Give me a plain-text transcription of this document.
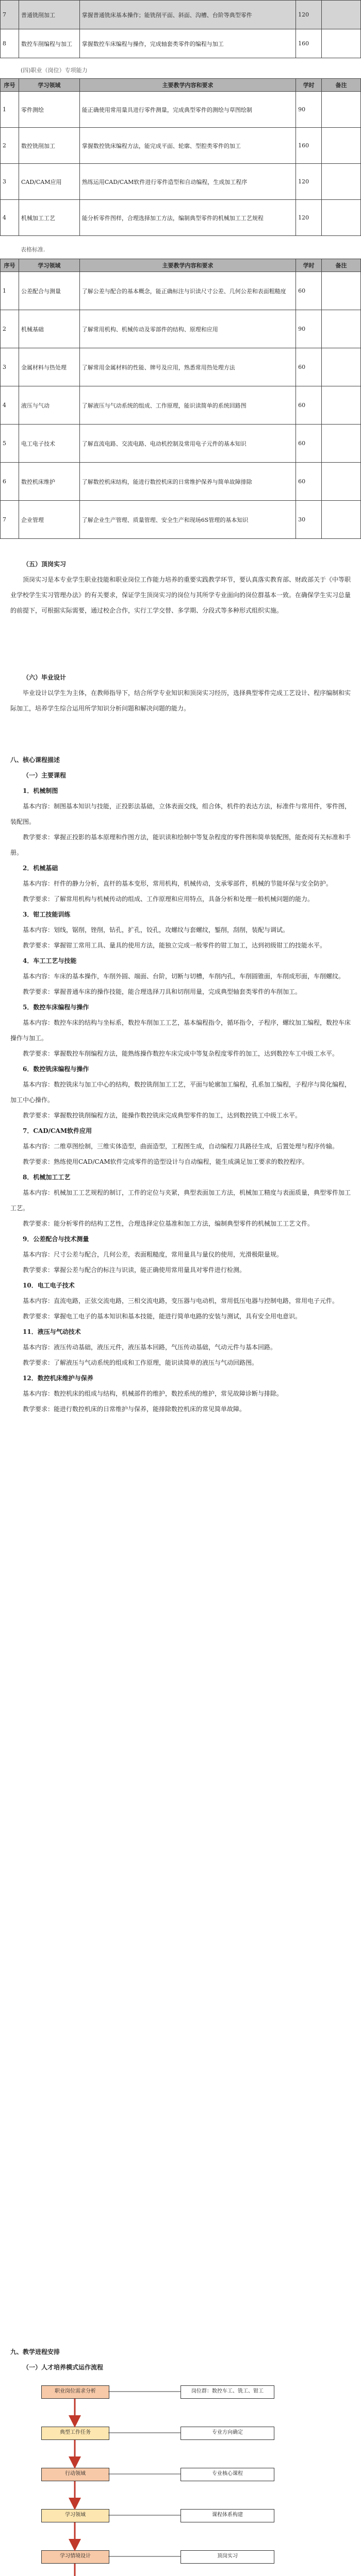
7	普通铣削加工	掌握普通铣床基本操作；能铣削平面、斜面、沟槽、台阶等典型零件	120	
8	数控车削编程与加工	掌握数控车床编程与操作，完成轴套类零件的编程与加工	160	
(四)职业（岗位）专项能力
序号	学习领域	主要教学内容和要求	学时	备注
1	零件测绘	能正确使用常用量具进行零件测量，完成典型零件的测绘与草图绘制	90	
2	数控铣削加工	掌握数控铣床编程方法，能完成平面、轮廓、型腔类零件的加工	160	
3	CAD/CAM应用	熟练运用CAD/CAM软件进行零件造型和自动编程，生成加工程序	120	
4	机械加工工艺	能分析零件图样，合理选择加工方法，编制典型零件的机械加工工艺规程	120	
表格标准.
序号	学习领域	主要教学内容和要求	学时	备注
1	公差配合与测量	了解公差与配合的基本概念，能正确标注与识读尺寸公差、几何公差和表面粗糙度	60	
2	机械基础	了解常用机构、机械传动及零部件的结构、原理和应用	90	
3	金属材料与热处理	了解常用金属材料的性能、牌号及应用，熟悉常用热处理方法	60	
4	液压与气动	了解液压与气动系统的组成、工作原理，能识读简单的系统回路图	60	
5	电工电子技术	了解直流电路、交流电路、电动机控制及常用电子元件的基本知识	60	
6	数控机床维护	了解数控机床结构，能进行数控机床的日常维护保养与简单故障排除	60	
7	企业管理	了解企业生产管理、质量管理、安全生产和现场6S管理的基本知识	30	
（五）顶岗实习

顶岗实习是本专业学生职业技能和职业岗位工作能力培养的重要实践教学环节，要认真落实教育部、财政部关于《中等职业学校学生实习管理办法》的有关要求，保证学生顶岗实习的岗位与其所学专业面向的岗位群基本一致。在确保学生实习总量的前提下，可根据实际需要，通过校企合作，实行工学交替、多学期、分段式等多种形式组织实施。

（六）毕业设计

毕业设计以学生为主体，在教师指导下，结合所学专业知识和顶岗实习经历，选择典型零件完成工艺设计、程序编制和实际加工，培养学生综合运用所学知识分析问题和解决问题的能力。

八、核心课程描述
（一）主要课程
1．机械制图

基本内容：制图基本知识与技能，正投影法基础，立体表面交线，组合体，机件的表达方法，标准件与常用件，零件图，装配图。

教学要求：掌握正投影的基本原理和作图方法，能识读和绘制中等复杂程度的零件图和简单装配图，能查阅有关标准和手册。

2．机械基础

基本内容：杆件的静力分析，直杆的基本变形，常用机构，机械传动，支承零部件，机械的节能环保与安全防护。

教学要求：了解常用机构与机械传动的组成、工作原理和应用特点，具备分析和处理一般机械问题的能力。

3．钳工技能训练

基本内容：划线，锯削，锉削，钻孔，扩孔，铰孔，攻螺纹与套螺纹，錾削，刮削，装配与调试。

教学要求：掌握钳工常用工具、量具的使用方法，能独立完成一般零件的钳工加工，达到初级钳工的技能水平。

4．车工工艺与技能

基本内容：车床的基本操作，车削外圆、端面、台阶，切断与切槽，车削内孔，车削圆锥面，车削成形面，车削螺纹。

教学要求：掌握普通车床的操作技能，能合理选择刀具和切削用量，完成典型轴套类零件的车削加工。

5．数控车床编程与操作

基本内容：数控车床的结构与坐标系，数控车削加工工艺，基本编程指令，循环指令，子程序，螺纹加工编程，数控车床操作与加工。

教学要求：掌握数控车削编程方法，能熟练操作数控车床完成中等复杂程度零件的加工，达到数控车工中级工水平。

6．数控铣床编程与操作

基本内容：数控铣床与加工中心的结构，数控铣削加工工艺，平面与轮廓加工编程，孔系加工编程，子程序与简化编程，加工中心操作。

教学要求：掌握数控铣削编程方法，能操作数控铣床完成典型零件的加工，达到数控铣工中级工水平。

7．CAD/CAM软件应用

基本内容：二维草图绘制，三维实体造型，曲面造型，工程图生成，自动编程刀具路径生成，后置处理与程序传输。

教学要求：熟练使用CAD/CAM软件完成零件的造型设计与自动编程，能生成满足加工要求的数控程序。

8．机械加工工艺

基本内容：机械加工工艺规程的制订，工件的定位与夹紧，典型表面加工方法，机械加工精度与表面质量，典型零件加工工艺。

教学要求：能分析零件的结构工艺性，合理选择定位基准和加工方法，编制典型零件的机械加工工艺文件。

9．公差配合与技术测量

基本内容：尺寸公差与配合，几何公差，表面粗糙度，常用量具与量仪的使用，光滑极限量规。

教学要求：掌握公差与配合的标注与识读，能正确使用常用量具对零件进行检测。

10．电工电子技术

基本内容：直流电路，正弦交流电路，三相交流电路，变压器与电动机，常用低压电器与控制电路，常用电子元件。

教学要求：掌握电工电子的基本知识和基本技能，能进行简单电路的安装与测试，具有安全用电意识。

11．液压与气动技术

基本内容：液压传动基础，液压元件，液压基本回路，气压传动基础，气动元件与基本回路。

教学要求：了解液压与气动系统的组成和工作原理，能识读简单的液压与气动回路图。

12．数控机床维护与保养

基本内容：数控机床的组成与结构，机械部件的维护，数控系统的维护，常见故障诊断与排除。

教学要求：能进行数控机床的日常维护与保养，能排除数控机床的常见简单故障。

九、教学进程安排
（一）人才培养模式运作流程
职业岗位需求分析
典型工作任务
行动领域
学习领域
学习情境设计
岗位群：数控车工、铣工、钳工
专业方向确定
专业核心课程
课程体系构建
顶岗实习
